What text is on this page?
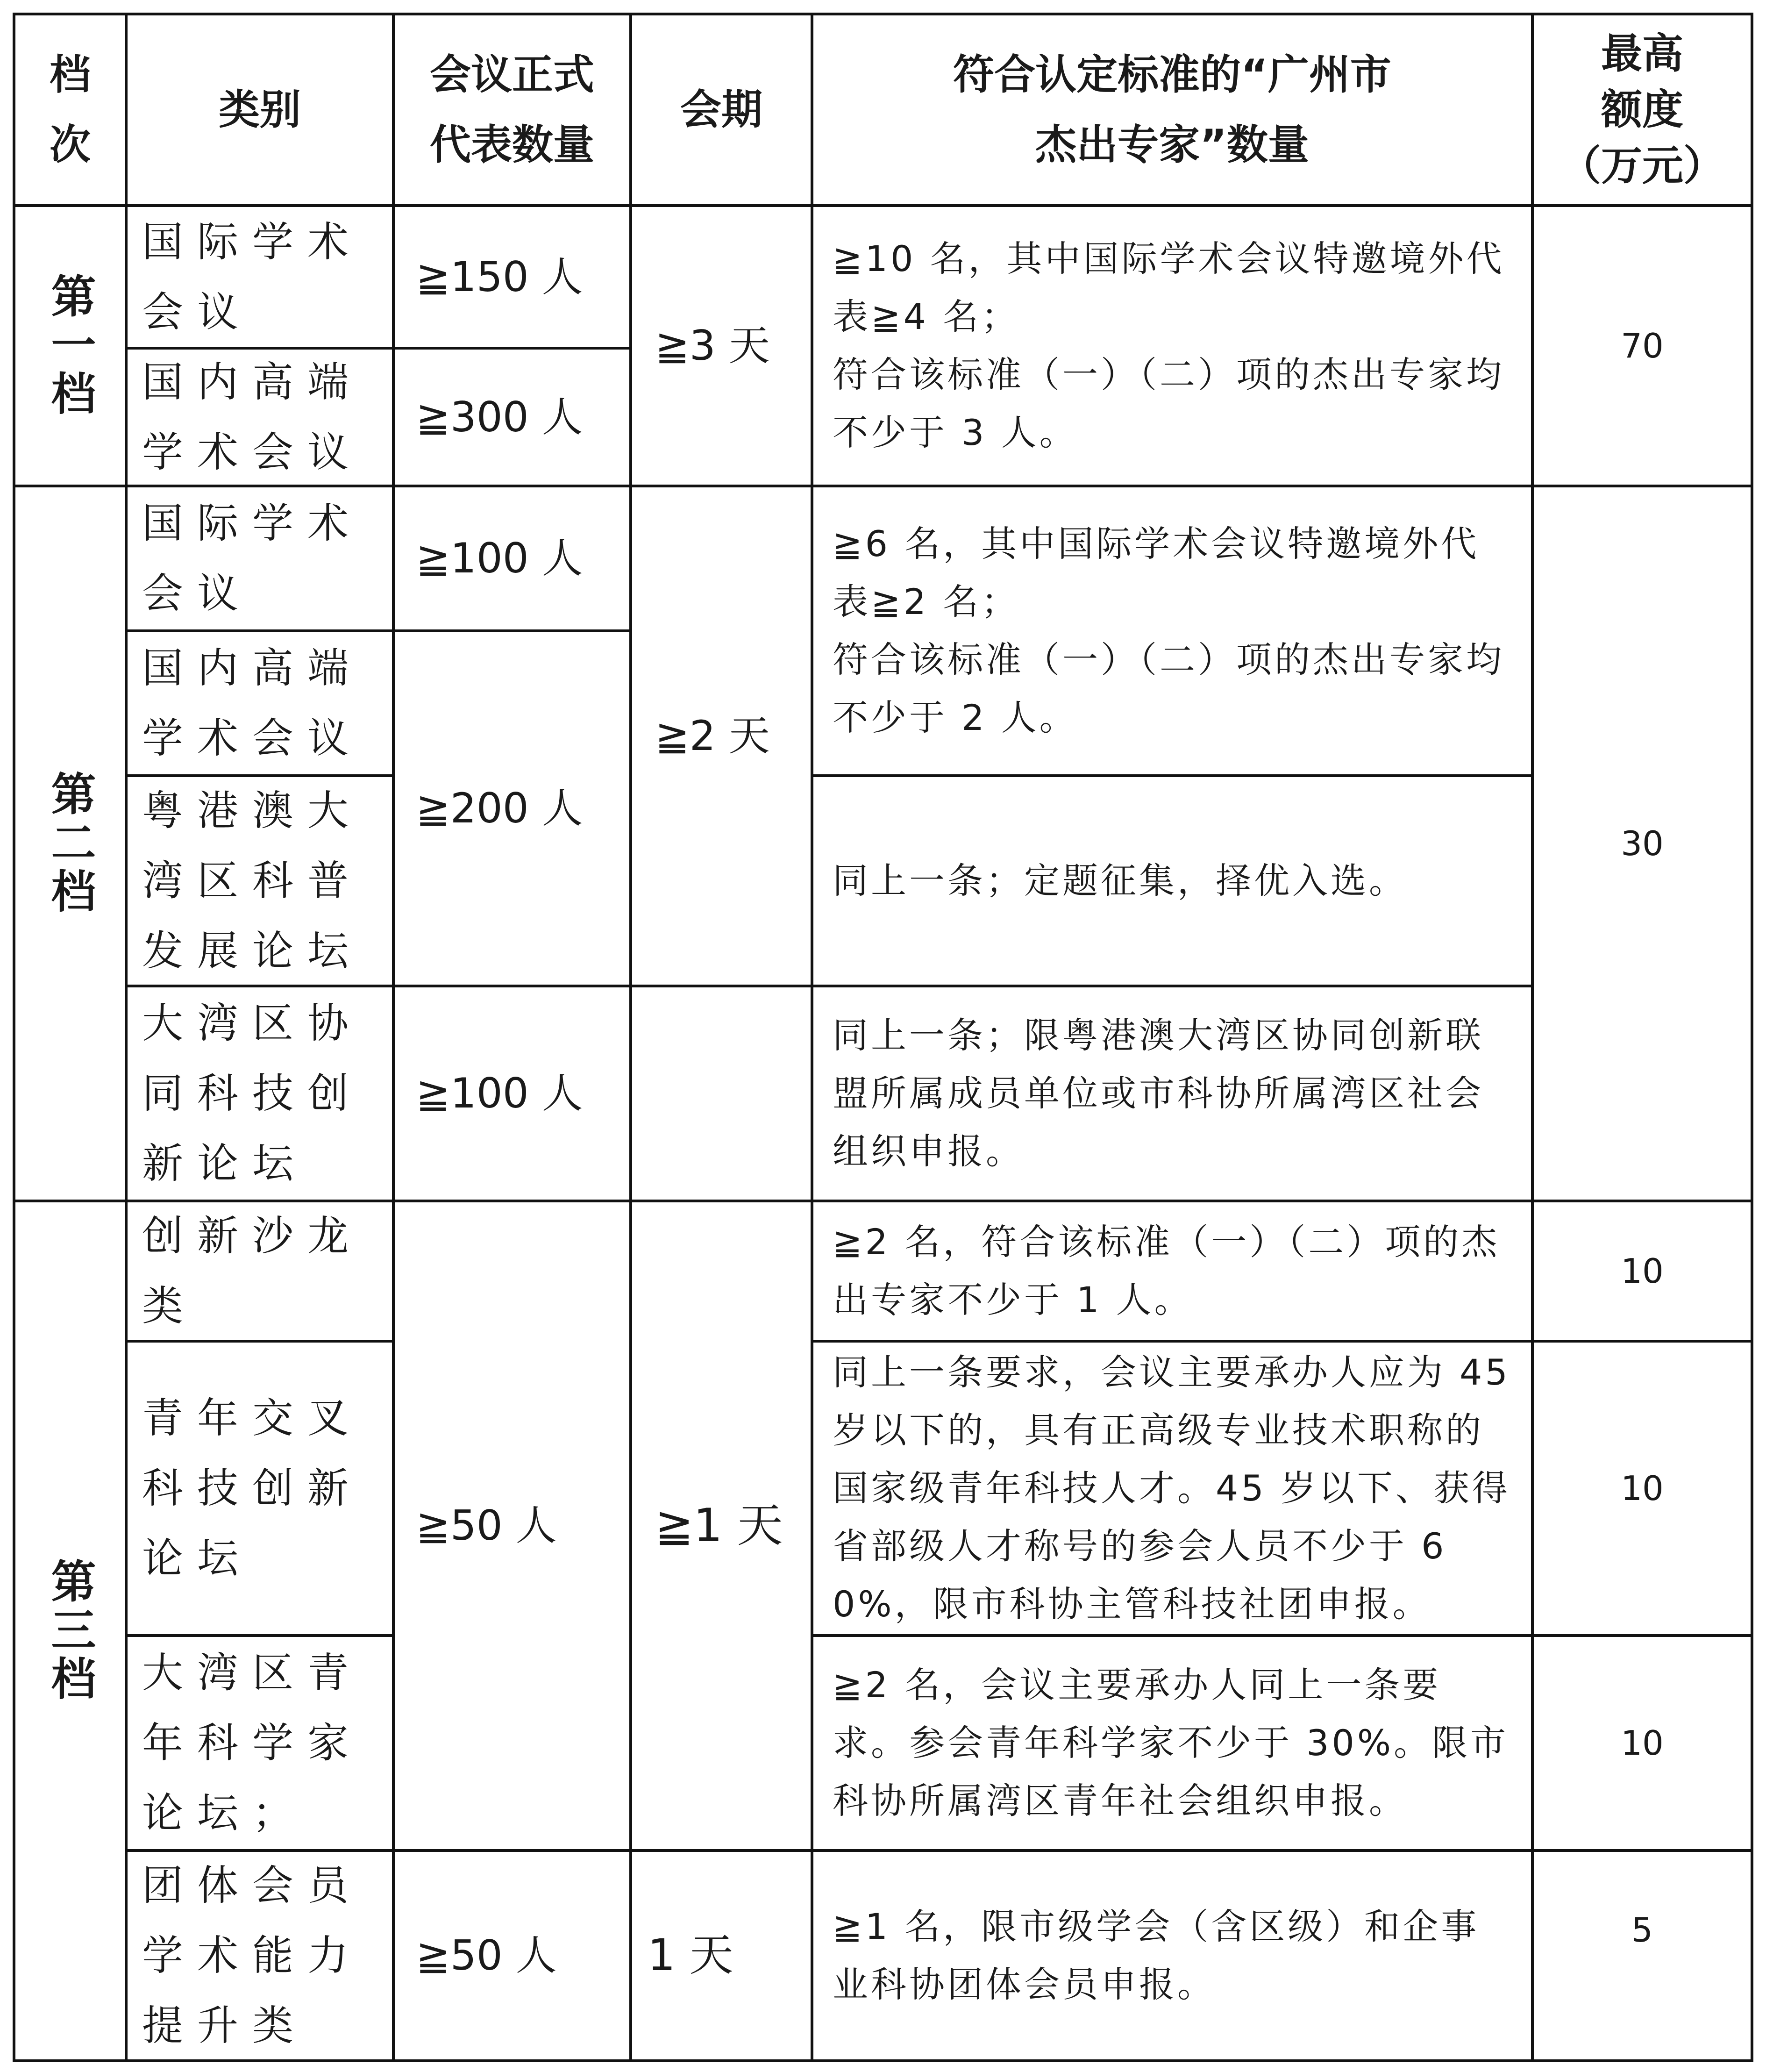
档
次
类别
会议正式
代表数量
会期
符合认定标准的“广州市
杰出专家”数量
最高
额度
（万元）
第一档
第二档
第三档
国际学术会议
国内高端学术会议
国际学术会议
国内高端学术会议
粤港澳大湾区科普发展论坛
大湾区协同科技创新论坛
创新沙龙类
青年交叉科技创新论坛
大湾区青年科学家论坛；
团体会员学术能力提升类
≧150 人
≧300 人
≧100 人
≧200 人
≧100 人
≧50 人
≧50 人
≧3 天
≧2 天
≧1 天
1 天
≧10 名，其中国际学术会议特邀境外代表≧4 名；
符合该标准（一）（二）项的杰出专家均不少于 3 人。
≧6 名，其中国际学术会议特邀境外代表≧2 名；
符合该标准（一）（二）项的杰出专家均不少于 2 人。
同上一条；定题征集，择优入选。
同上一条；限粤港澳大湾区协同创新联盟所属成员单位或市科协所属湾区社会组织申报。
≧2 名，符合该标准（一）（二）项的杰出专家不少于 1 人。
同上一条要求，会议主要承办人应为 45 岁以下的，具有正高级专业技术职称的国家级青年科技人才。45 岁以下、获得省部级人才称号的参会人员不少于 60%，限市科协主管科技社团申报。
≧2 名，会议主要承办人同上一条要求。参会青年科学家不少于 30%。限市科协所属湾区青年社会组织申报。
≧1 名，限市级学会（含区级）和企事业科协团体会员申报。
70
30
10
10
10
5
